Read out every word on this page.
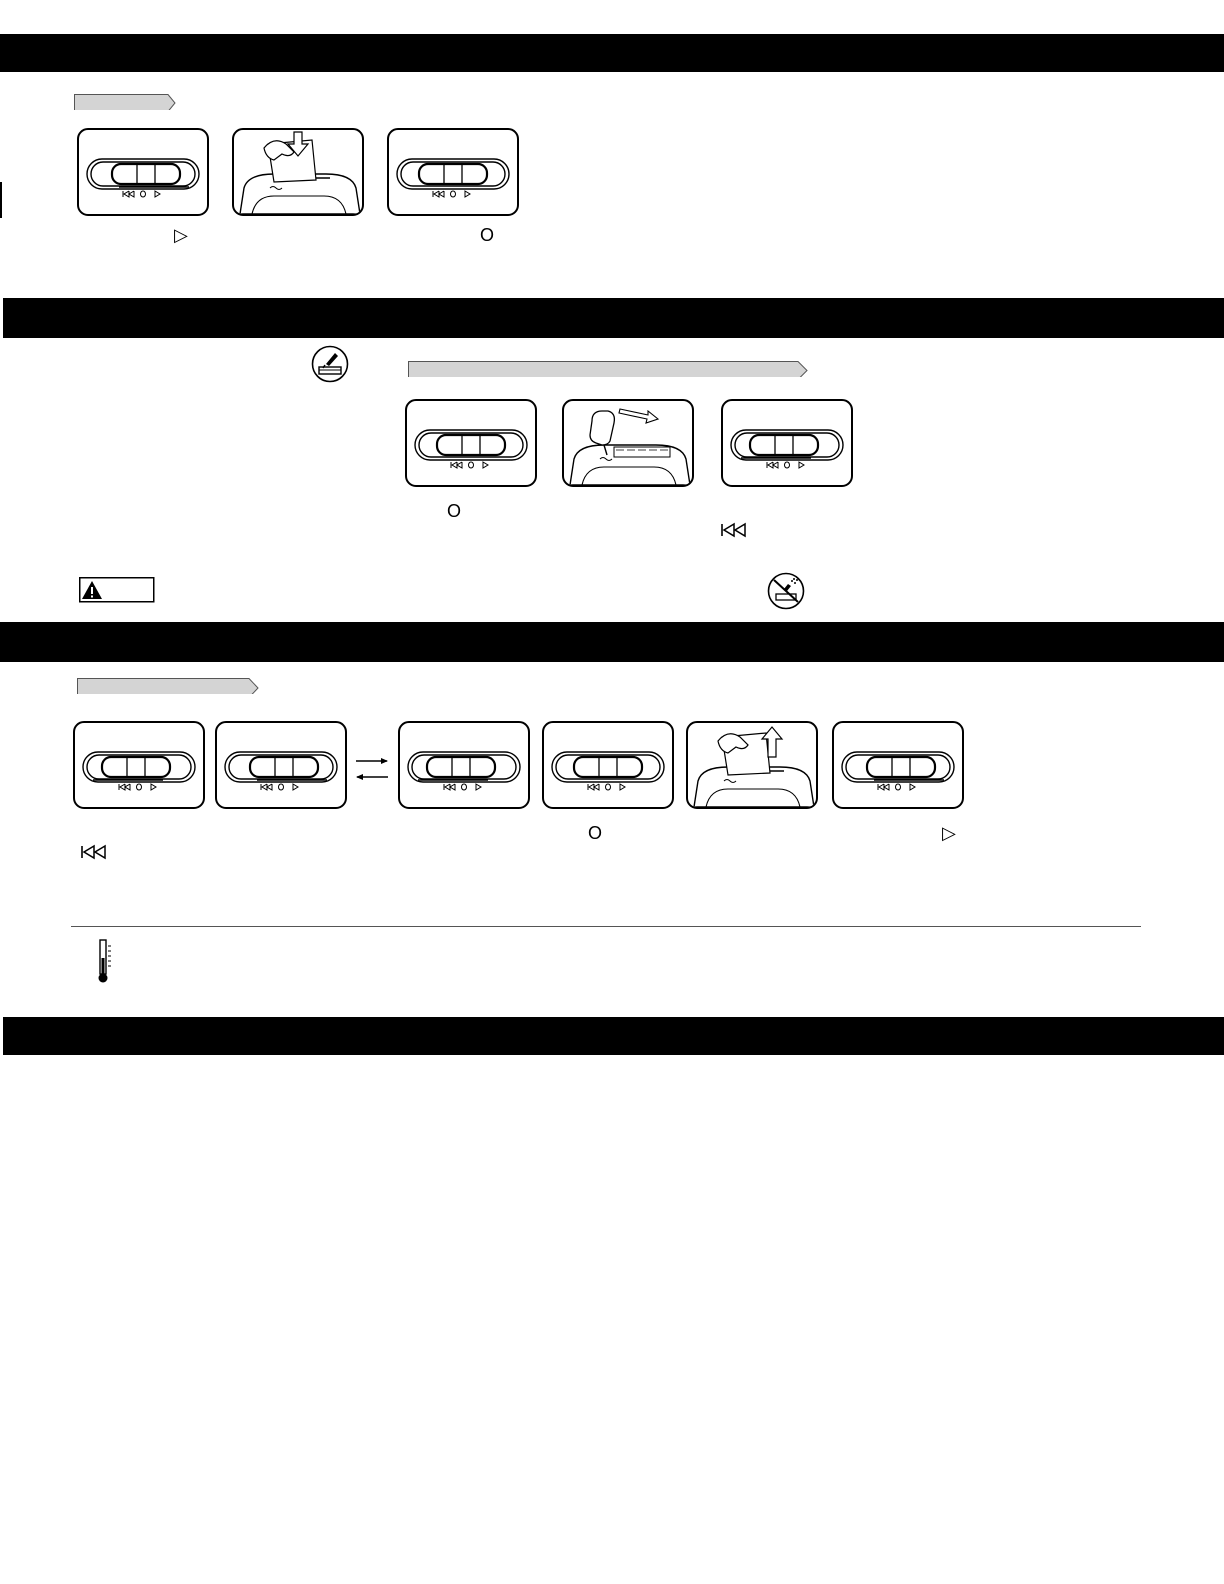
▷	O
O
O	▷
